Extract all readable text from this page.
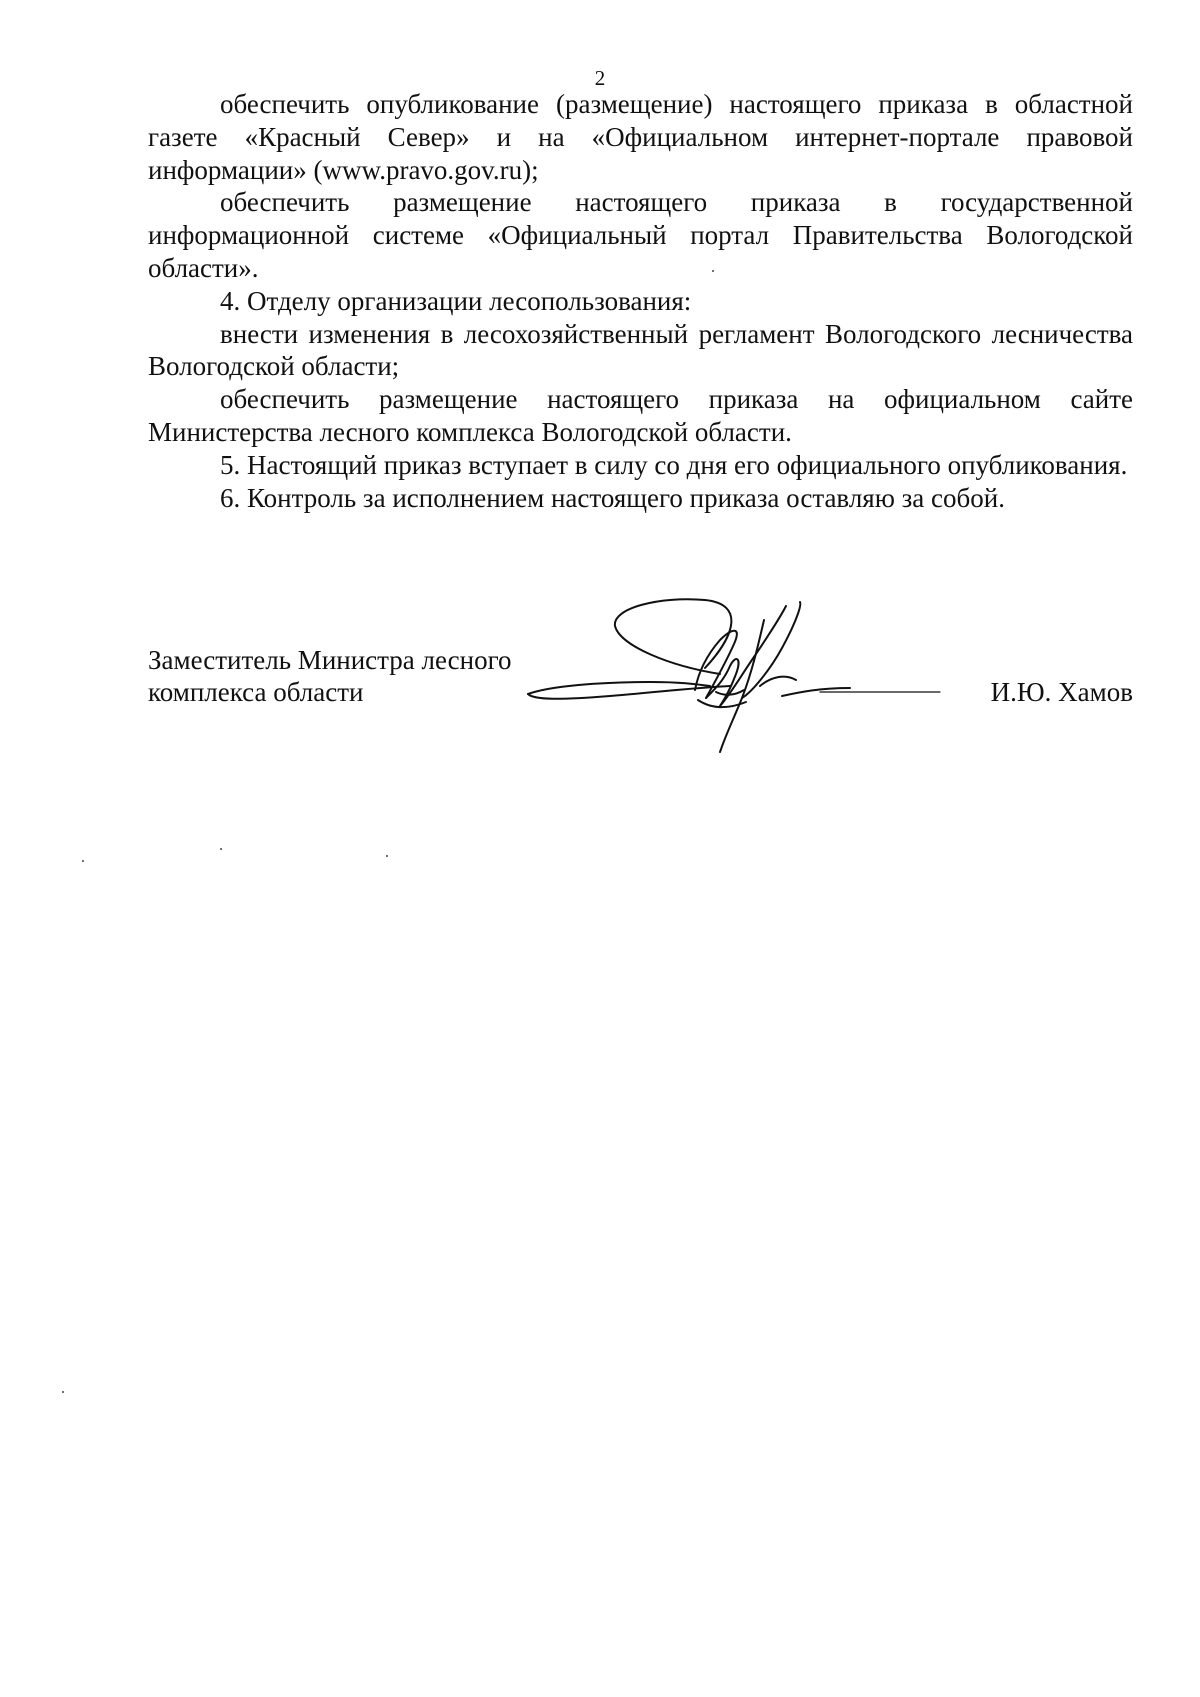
2

обеспечить опубликование (размещение) настоящего приказа в областной газете «Красный Север» и на «Официальном интернет-портале правовой информации» (www.pravo.gov.ru);

обеспечить размещение настоящего приказа в государственной информационной системе «Официальный портал Правительства Вологодской области».

4. Отделу организации лесопользования:

внести изменения в лесохозяйственный регламент Вологодского лесничества Вологодской области;

обеспечить размещение настоящего приказа на официальном сайте Министерства лесного комплекса Вологодской области.

5. Настоящий приказ вступает в силу со дня его официального опубликования.

6. Контроль за исполнением настоящего приказа оставляю за собой.

Заместитель Министра лесного
комплекса области	И.Ю. Хамов
